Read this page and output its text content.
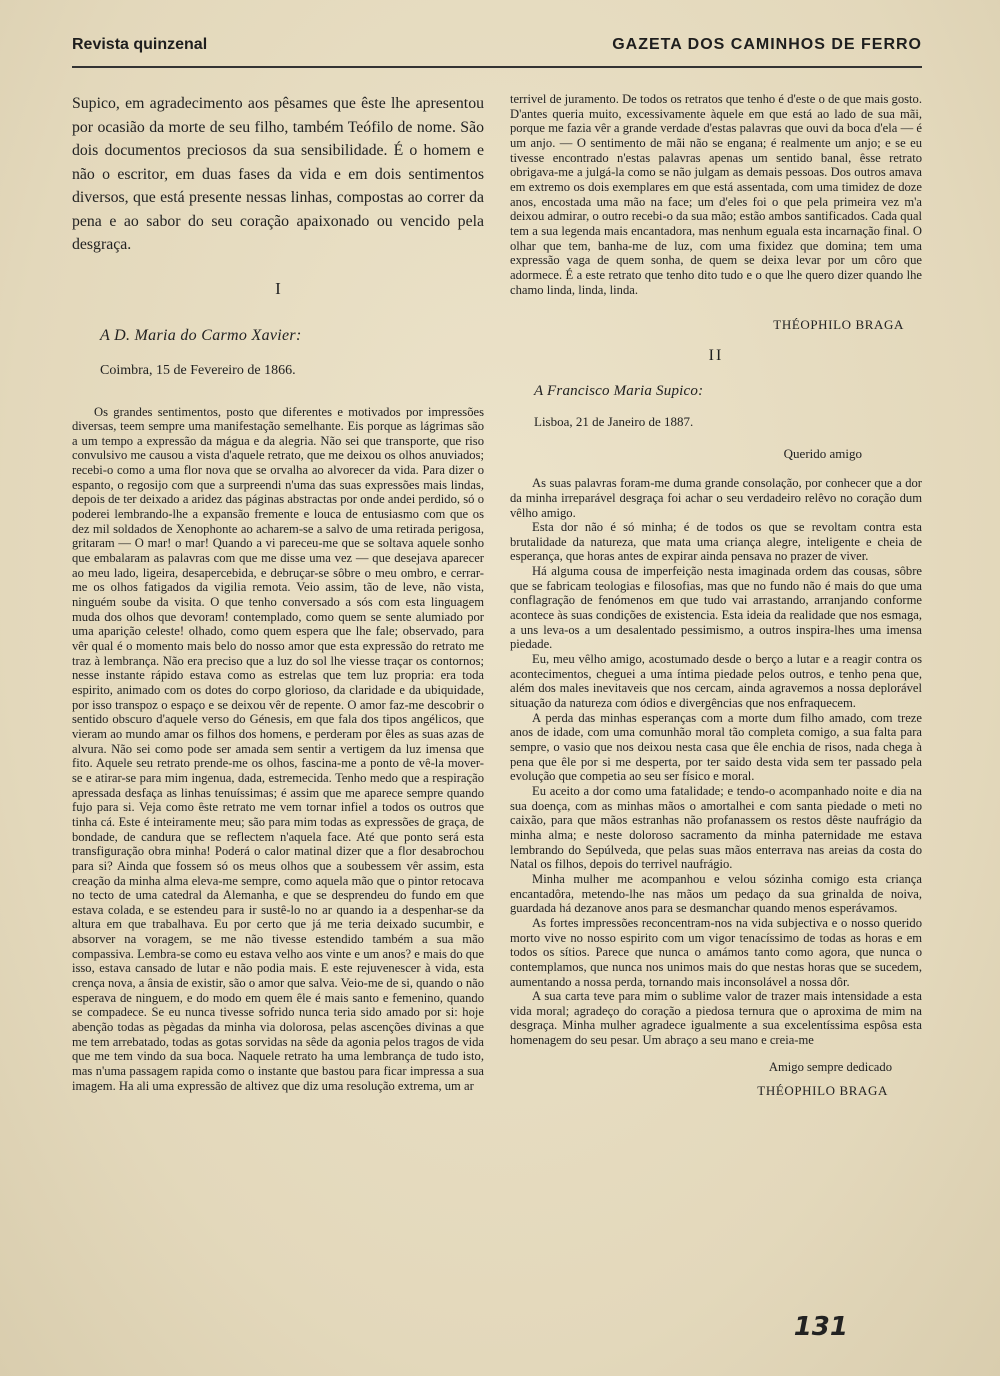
Revista quinzenal	GAZETA DOS CAMINHOS DE FERRO

Supico, em agradecimento aos pêsames que êste lhe apresentou por ocasião da morte de seu filho, também Teófilo de nome. São dois documentos preciosos da sua sensibilidade. É o homem e não o escritor, em duas fases da vida e em dois sentimentos diversos, que está presente nessas linhas, compostas ao correr da pena e ao sabor do seu coração apaixonado ou vencido pela desgraça.

I

A D. Maria do Carmo Xavier:

Coimbra, 15 de Fevereiro de 1866.

Os grandes sentimentos, posto que diferentes e motivados por impressões diversas, teem sempre uma manifestação semelhante. Eis porque as lágrimas são a um tempo a expressão da mágua e da alegria. Não sei que transporte, que riso convulsivo me causou a vista d'aquele retrato, que me deixou os olhos anuviados; recebi-o como a uma flor nova que se orvalha ao alvorecer da vida. Para dizer o espanto, o regosijo com que a surpreendi n'uma das suas expressões mais lindas, depois de ter deixado a aridez das páginas abstractas por onde andei perdido, só o poderei lembrando-lhe a expansão fremente e louca de entusiasmo com que os dez mil soldados de Xenophonte ao acharem-se a salvo de uma retirada perigosa, gritaram — O mar! o mar! Quando a vi pareceu-me que se soltava aquele sonho que embalaram as palavras com que me disse uma vez — que desejava aparecer ao meu lado, ligeira, desapercebida, e debruçar-se sôbre o meu ombro, e cerrar-me os olhos fatigados da vigilia remota. Veio assim, tão de leve, não vista, ninguém soube da visita. O que tenho conversado a sós com esta linguagem muda dos olhos que devoram! contemplado, como quem se sente alumiado por uma aparição celeste! olhado, como quem espera que lhe fale; observado, para vêr qual é o momento mais belo do nosso amor que esta expressão do retrato me traz à lembrança. Não era preciso que a luz do sol lhe viesse traçar os contornos; nesse instante rápido estava como as estrelas que tem luz propria: era toda espirito, animado com os dotes do corpo glorioso, da claridade e da ubiquidade, por isso transpoz o espaço e se deixou vêr de repente. O amor faz-me descobrir o sentido obscuro d'aquele verso do Génesis, em que fala dos tipos angélicos, que vieram ao mundo amar os filhos dos homens, e perderam por êles as suas azas de alvura. Não sei como pode ser amada sem sentir a vertigem da luz imensa que fito. Aquele seu retrato prende-me os olhos, fascina-me a ponto de vê-la mover-se e atirar-se para mim ingenua, dada, estremecida. Tenho medo que a respiração apressada desfaça as linhas tenuíssimas; é assim que me aparece sempre quando fujo para si. Veja como êste retrato me vem tornar infiel a todos os outros que tinha cá. Este é inteiramente meu; são para mim todas as expressões de graça, de bondade, de candura que se reflectem n'aquela face. Até que ponto será esta transfiguração obra minha! Poderá o calor matinal dizer que a flor desabrochou para si? Ainda que fossem só os meus olhos que a soubessem vêr assim, esta creação da minha alma eleva-me sempre, como aquela mão que o pintor retocava no tecto de uma catedral da Alemanha, e que se desprendeu do fundo em que estava colada, e se estendeu para ir sustê-lo no ar quando ia a despenhar-se da altura em que trabalhava. Eu por certo que já me teria deixado sucumbir, e absorver na voragem, se me não tivesse estendido também a sua mão compassiva. Lembra-se como eu estava velho aos vinte e um anos? e mais do que isso, estava cansado de lutar e não podia mais. E este rejuvenescer à vida, esta crença nova, a ânsia de existir, são o amor que salva. Veio-me de si, quando o não esperava de ninguem, e do modo em quem êle é mais santo e femenino, quando se compadece. Se eu nunca tivesse sofrido nunca teria sido amado por si: hoje abenção todas as pègadas da minha via dolorosa, pelas ascenções divinas a que me tem arrebatado, todas as gotas sorvidas na sêde da agonia pelos tragos de vida que me tem vindo da sua boca. Naquele retrato ha uma lembrança de tudo isto, mas n'uma passagem rapida como o instante que bastou para ficar impressa a sua imagem. Ha ali uma expressão de altivez que diz uma resolução extrema, um ar

terrivel de juramento. De todos os retratos que tenho é d'este o de que mais gosto. D'antes queria muito, excessivamente àquele em que está ao lado de sua mãi, porque me fazia vêr a grande verdade d'estas palavras que ouvi da boca d'ela — é um anjo. — O sentimento de mãi não se engana; é realmente um anjo; e se eu tivesse encontrado n'estas palavras apenas um sentido banal, êsse retrato obrigava-me a julgá-la como se não julgam as demais pessoas. Dos outros amava em extremo os dois exemplares em que está assentada, com uma timidez de doze anos, encostada uma mão na face; um d'eles foi o que pela primeira vez m'a deixou admirar, o outro recebi-o da sua mão; estão ambos santificados. Cada qual tem a sua legenda mais encantadora, mas nenhum eguala esta incarnação final. O olhar que tem, banha-me de luz, com uma fixidez que domina; tem uma expressão vaga de quem sonha, de quem se deixa levar por um côro que adormece. É a este retrato que tenho dito tudo e o que lhe quero dizer quando lhe chamo linda, linda, linda.

THÉOPHILO BRAGA

II

A Francisco Maria Supico:

Lisboa, 21 de Janeiro de 1887.

Querido amigo

As suas palavras foram-me duma grande consolação, por conhecer que a dor da minha irreparável desgraça foi achar o seu verdadeiro relêvo no coração dum vêlho amigo.

Esta dor não é só minha; é de todos os que se revoltam contra esta brutalidade da natureza, que mata uma criança alegre, inteligente e cheia de esperança, que horas antes de expirar ainda pensava no prazer de viver.

Há alguma cousa de imperfeição nesta imaginada ordem das cousas, sôbre que se fabricam teologias e filosofias, mas que no fundo não é mais do que uma conflagração de fenómenos em que tudo vai arrastando, arranjando conforme acontece às suas condições de existencia. Esta ideia da realidade que nos esmaga, a uns leva-os a um desalentado pessimismo, a outros inspira-lhes uma imensa piedade.

Eu, meu vêlho amigo, acostumado desde o berço a lutar e a reagir contra os acontecimentos, cheguei a uma íntima piedade pelos outros, e tenho pena que, além dos males inevitaveis que nos cercam, ainda agravemos a nossa deplorável situação da natureza com ódios e divergências que nos enfraquecem.

A perda das minhas esperanças com a morte dum filho amado, com treze anos de idade, com uma comunhão moral tão completa comigo, a sua falta para sempre, o vasio que nos deixou nesta casa que êle enchia de risos, nada chega à pena que êle por si me desperta, por ter saido desta vida sem ter passado pela evolução que competia ao seu ser físico e moral.

Eu aceito a dor como uma fatalidade; e tendo-o acompanhado noite e dia na sua doença, com as minhas mãos o amortalhei e com santa piedade o meti no caixão, para que mãos estranhas não profanassem os restos dêste naufrágio da minha alma; e neste doloroso sacramento da minha paternidade me estava lembrando do Sepúlveda, que pelas suas mãos enterrava nas areias da costa do Natal os filhos, depois do terrivel naufrágio.

Minha mulher me acompanhou e velou sózinha comigo esta criança encantadôra, metendo-lhe nas mãos um pedaço da sua grinalda de noiva, guardada há dezanove anos para se desmanchar quando menos esperávamos.

As fortes impressões reconcentram-nos na vida subjectiva e o nosso querido morto vive no nosso espirito com um vigor tenacíssimo de todas as horas e em todos os sítios. Parece que nunca o amámos tanto como agora, que nunca o contemplamos, que nunca nos unimos mais do que nestas horas que se sucedem, aumentando a nossa perda, tornando mais inconsolável a nossa dôr.

A sua carta teve para mim o sublime valor de trazer mais intensidade a esta vida moral; agradeço do coração a piedosa ternura que o aproxima de mim na desgraça. Minha mulher agradece igualmente a sua excelentíssima espôsa esta homenagem do seu pesar. Um abraço a seu mano e creia-me

Amigo sempre dedicado

THÉOPHILO BRAGA

131
